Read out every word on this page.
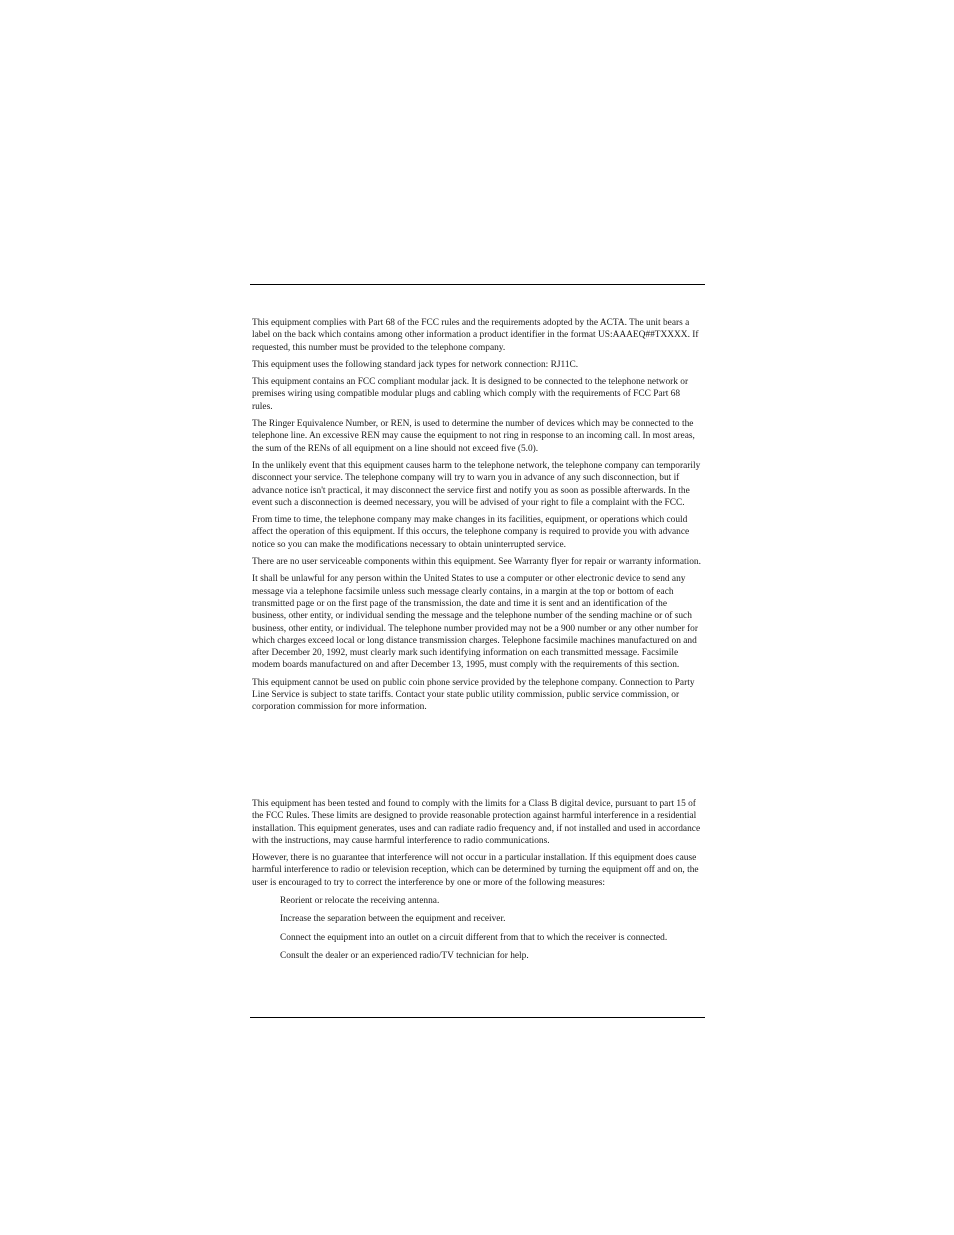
This equipment complies with Part 68 of the FCC rules and the requirements adopted by the ACTA. The unit bears a label on the back which contains among other information a product identifier in the format US:AAAEQ##TXXXX. If requested, this number must be provided to the telephone company.

This equipment uses the following standard jack types for network connection: RJ11C.

This equipment contains an FCC compliant modular jack. It is designed to be connected to the telephone network or premises wiring using compatible modular plugs and cabling which comply with the requirements of FCC Part 68 rules.

The Ringer Equivalence Number, or REN, is used to determine the number of devices which may be connected to the telephone line. An excessive REN may cause the equipment to not ring in response to an incoming call. In most areas, the sum of the RENs of all equipment on a line should not exceed five (5.0).

In the unlikely event that this equipment causes harm to the telephone network, the telephone company can temporarily disconnect your service. The telephone company will try to warn you in advance of any such disconnection, but if advance notice isn't practical, it may disconnect the service first and notify you as soon as possible afterwards. In the event such a disconnection is deemed necessary, you will be advised of your right to file a complaint with the FCC.

From time to time, the telephone company may make changes in its facilities, equipment, or operations which could affect the operation of this equipment. If this occurs, the telephone company is required to provide you with advance notice so you can make the modifications necessary to obtain uninterrupted service.

There are no user serviceable components within this equipment. See Warranty flyer for repair or warranty information.

It shall be unlawful for any person within the United States to use a computer or other electronic device to send any message via a telephone facsimile unless such message clearly contains, in a margin at the top or bottom of each transmitted page or on the first page of the transmission, the date and time it is sent and an identification of the business, other entity, or individual sending the message and the telephone number of the sending machine or of such business, other entity, or individual. The telephone number provided may not be a 900 number or any other number for which charges exceed local or long distance transmission charges. Telephone facsimile machines manufactured on and after December 20, 1992, must clearly mark such identifying information on each transmitted message. Facsimile modem boards manufactured on and after December 13, 1995, must comply with the requirements of this section.

This equipment cannot be used on public coin phone service provided by the telephone company. Connection to Party Line Service is subject to state tariffs. Contact your state public utility commission, public service commission, or corporation commission for more information.

This equipment has been tested and found to comply with the limits for a Class B digital device, pursuant to part 15 of the FCC Rules. These limits are designed to provide reasonable protection against harmful interference in a residential installation. This equipment generates, uses and can radiate radio frequency and, if not installed and used in accordance with the instructions, may cause harmful interference to radio communications.

However, there is no guarantee that interference will not occur in a particular installation. If this equipment does cause harmful interference to radio or television reception, which can be determined by turning the equipment off and on, the user is encouraged to try to correct the interference by one or more of the following measures:

Reorient or relocate the receiving antenna.
Increase the separation between the equipment and receiver.
Connect the equipment into an outlet on a circuit different from that to which the receiver is connected.
Consult the dealer or an experienced radio/TV technician for help.
